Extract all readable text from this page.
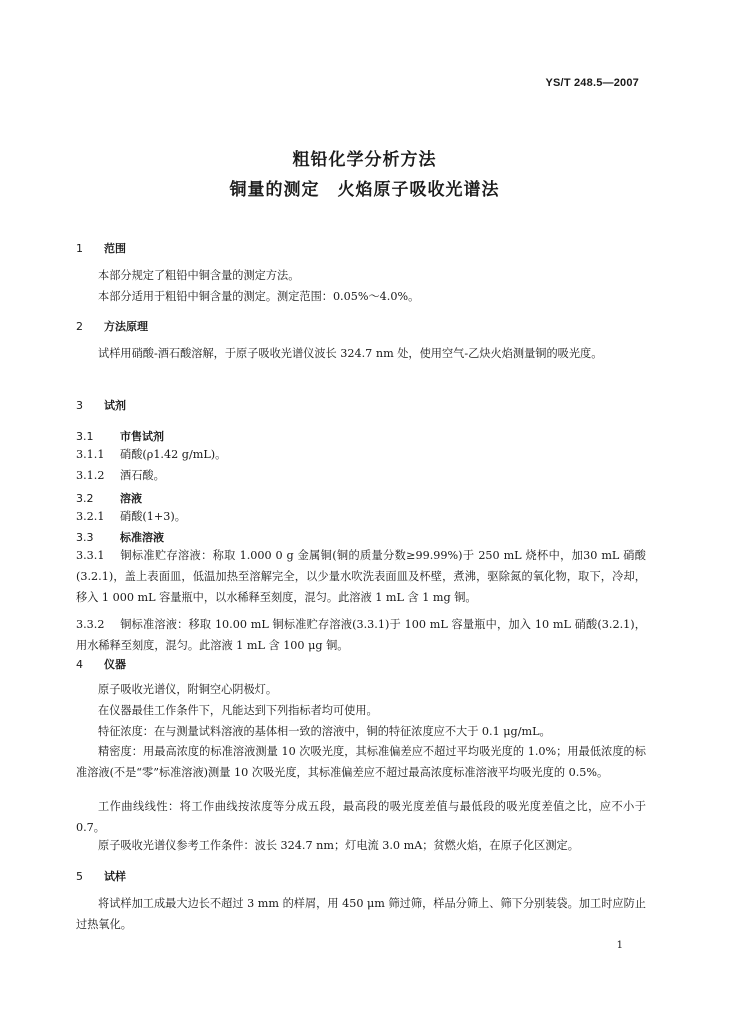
YS/T 248.5—2007
粗铅化学分析方法
铜量的测定 火焰原子吸收光谱法
1 范围
本部分规定了粗铅中铜含量的测定方法。
本部分适用于粗铅中铜含量的测定。测定范围：0.05%～4.0%。
2 方法原理
试样用硝酸-酒石酸溶解，于原子吸收光谱仪波长 324.7 nm 处，使用空气-乙炔火焰测量铜的吸光度。
3 试剂
3.1 市售试剂
3.1.1 硝酸(ρ1.42 g/mL)。
3.1.2 酒石酸。
3.2 溶液
3.2.1 硝酸(1+3)。
3.3 标准溶液
3.3.1 铜标准贮存溶液：称取 1.000 0 g 金属铜(铜的质量分数≥99.99%)于 250 mL 烧杯中，加30 mL 硝酸(3.2.1)，盖上表面皿，低温加热至溶解完全，以少量水吹洗表面皿及杯壁，煮沸，驱除氮的氧化物，取下，冷却，移入 1 000 mL 容量瓶中，以水稀释至刻度，混匀。此溶液 1 mL 含 1 mg 铜。
3.3.2 铜标准溶液：移取 10.00 mL 铜标准贮存溶液(3.3.1)于 100 mL 容量瓶中，加入 10 mL 硝酸(3.2.1)，用水稀释至刻度，混匀。此溶液 1 mL 含 100 μg 铜。
4 仪器
原子吸收光谱仪，附铜空心阴极灯。
在仪器最佳工作条件下，凡能达到下列指标者均可使用。
特征浓度：在与测量试料溶液的基体相一致的溶液中，铜的特征浓度应不大于 0.1 μg/mL。
精密度：用最高浓度的标准溶液测量 10 次吸光度，其标准偏差应不超过平均吸光度的 1.0%；用最低浓度的标准溶液(不是“零”标准溶液)测量 10 次吸光度，其标准偏差应不超过最高浓度标准溶液平均吸光度的 0.5%。
工作曲线线性：将工作曲线按浓度等分成五段，最高段的吸光度差值与最低段的吸光度差值之比，应不小于 0.7。
原子吸收光谱仪参考工作条件：波长 324.7 nm；灯电流 3.0 mA；贫燃火焰，在原子化区测定。
5 试样
将试样加工成最大边长不超过 3 mm 的样屑，用 450 μm 筛过筛，样品分筛上、筛下分别装袋。加工时应防止过热氧化。
1
